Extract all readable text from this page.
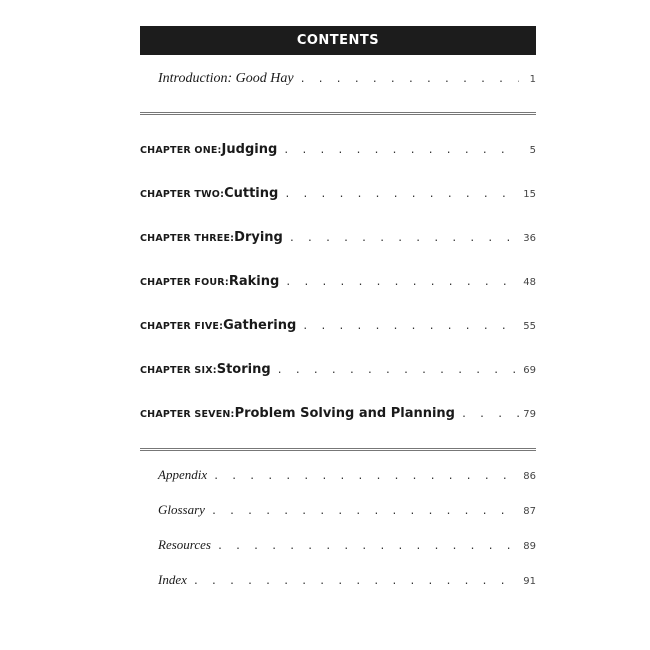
CONTENTS
Introduction: Good Hay . . .	1
CHAPTER ONE: Judging . . .	5
CHAPTER TWO: Cutting . . .	15
CHAPTER THREE: Drying . . .	36
CHAPTER FOUR: Raking . . .	48
CHAPTER FIVE: Gathering . . .	55
CHAPTER SIX: Storing . . .	69
CHAPTER SEVEN: Problem Solving and Planning . . .	79
Appendix . . .	86
Glossary . . .	87
Resources . . .	89
Index . . .	91
